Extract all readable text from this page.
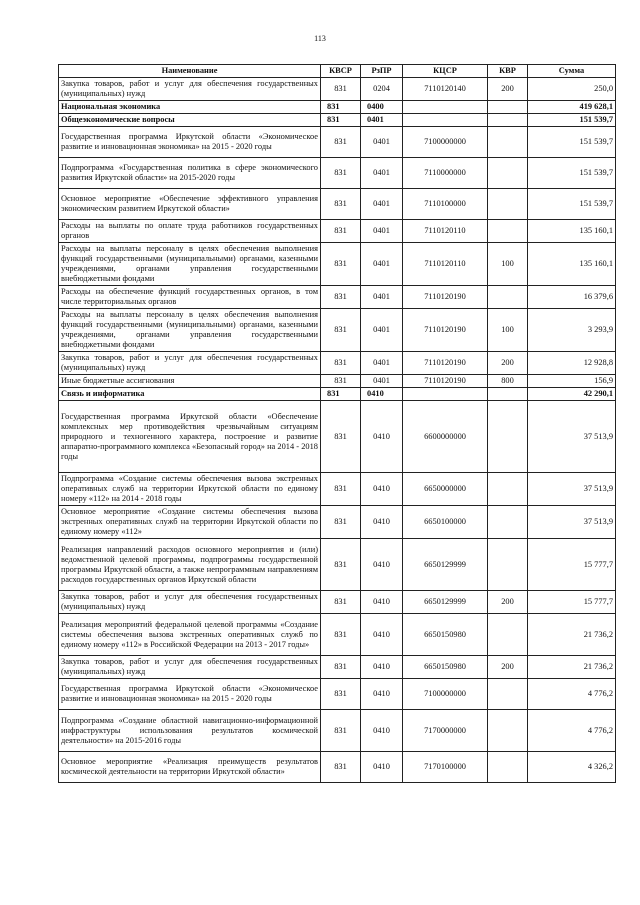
113
Наименование	КВСР	РзПР	КЦСР	КВР	Сумма
Закупка товаров, работ и услуг для обеспечения государственных (муниципальных) нужд	831	0204	7110120140	200	250,0
Национальная экономика	831	0400			419 628,1
Общеэкономические вопросы	831	0401			151 539,7
Государственная программа Иркутской области «Экономическое развитие и инновационная экономика» на 2015 - 2020 годы	831	0401	7100000000		151 539,7
Подпрограмма «Государственная политика в сфере экономического развития Иркутской области» на 2015-2020 годы	831	0401	7110000000		151 539,7
Основное мероприятие «Обеспечение эффективного управления экономическим развитием Иркутской области»	831	0401	7110100000		151 539,7
Расходы на выплаты по оплате труда работников государственных органов	831	0401	7110120110		135 160,1
Расходы на выплаты персоналу в целях обеспечения выполнения функций государственными (муниципальными) органами, казенными учреждениями, органами управления государственными внебюджетными фондами	831	0401	7110120110	100	135 160,1
Расходы на обеспечение функций государственных органов, в том числе территориальных органов	831	0401	7110120190		16 379,6
Расходы на выплаты персоналу в целях обеспечения выполнения функций государственными (муниципальными) органами, казенными учреждениями, органами управления государственными внебюджетными фондами	831	0401	7110120190	100	3 293,9
Закупка товаров, работ и услуг для обеспечения государственных (муниципальных) нужд	831	0401	7110120190	200	12 928,8
Иные бюджетные ассигнования	831	0401	7110120190	800	156,9
Связь и информатика	831	0410			42 290,1
Государственная программа Иркутской области «Обеспечение комплексных мер противодействия чрезвычайным ситуациям природного и техногенного характера, построение и развитие аппаратно-программного комплекса «Безопасный город» на 2014 - 2018 годы	831	0410	6600000000		37 513,9
Подпрограмма «Создание системы обеспечения вызова экстренных оперативных служб на территории Иркутской области по единому номеру «112» на 2014 - 2018 годы	831	0410	6650000000		37 513,9
Основное мероприятие «Создание системы обеспечения вызова экстренных оперативных служб на территории Иркутской области по единому номеру «112»	831	0410	6650100000		37 513,9
Реализация направлений расходов основного мероприятия и (или) ведомственной целевой программы, подпрограммы государственной программы Иркутской области, а также непрограммным направлениям расходов государственных органов Иркутской области	831	0410	6650129999		15 777,7
Закупка товаров, работ и услуг для обеспечения государственных (муниципальных) нужд	831	0410	6650129999	200	15 777,7
Реализация мероприятий федеральной целевой программы «Создание системы обеспечения вызова экстренных оперативных служб по единому номеру «112» в Российской Федерации на 2013 - 2017 годы»	831	0410	6650150980		21 736,2
Закупка товаров, работ и услуг для обеспечения государственных (муниципальных) нужд	831	0410	6650150980	200	21 736,2
Государственная программа Иркутской области «Экономическое развитие и инновационная экономика» на 2015 - 2020 годы	831	0410	7100000000		4 776,2
Подпрограмма «Создание областной навигационно-информационной инфраструктуры использования результатов космической деятельности» на 2015-2016 годы	831	0410	7170000000		4 776,2
Основное мероприятие «Реализация преимуществ результатов космической деятельности на территории Иркутской области»	831	0410	7170100000		4 326,2
